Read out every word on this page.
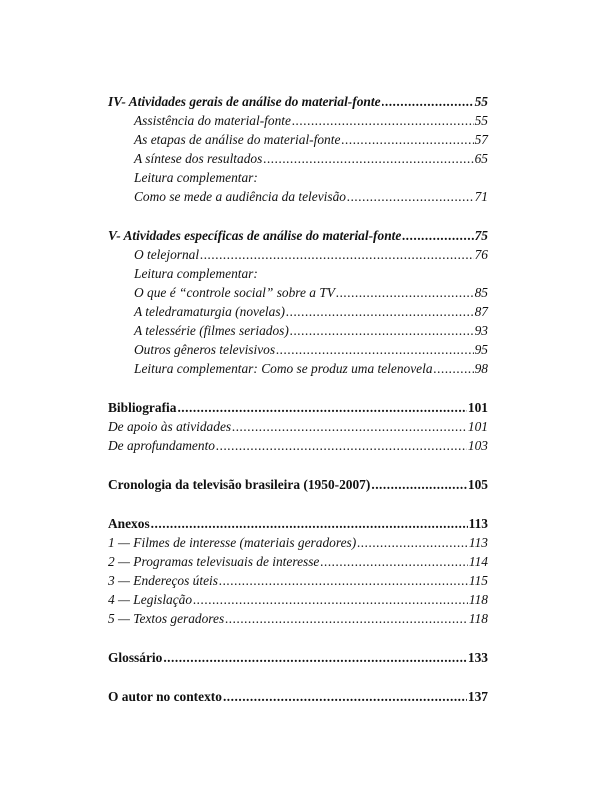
IV- Atividades gerais de análise do material-fonte .....	55
Assistência do material-fonte .....	55
As etapas de análise do material-fonte .....	57
A síntese dos resultados .....	65
Leitura complementar:
Como se mede a audiência da televisão .....	71
V- Atividades específicas de análise do material-fonte .....	75
O telejornal .....	76
Leitura complementar:
O que é “controle social” sobre a TV .....	85
A teledramaturgia (novelas) .....	87
A telessérie (filmes seriados) .....	93
Outros gêneros televisivos .....	95
Leitura complementar: Como se produz uma telenovela .....	98
Bibliografia .....	101
De apoio às atividades .....	101
De aprofundamento .....	103
Cronologia da televisão brasileira (1950-2007) .....	105
Anexos .....	113
1 — Filmes de interesse (materiais geradores) .....	113
2 — Programas televisuais de interesse .....	114
3 — Endereços úteis .....	115
4 — Legislação .....	118
5 — Textos geradores .....	118
Glossário .....	133
O autor no contexto .....	137
